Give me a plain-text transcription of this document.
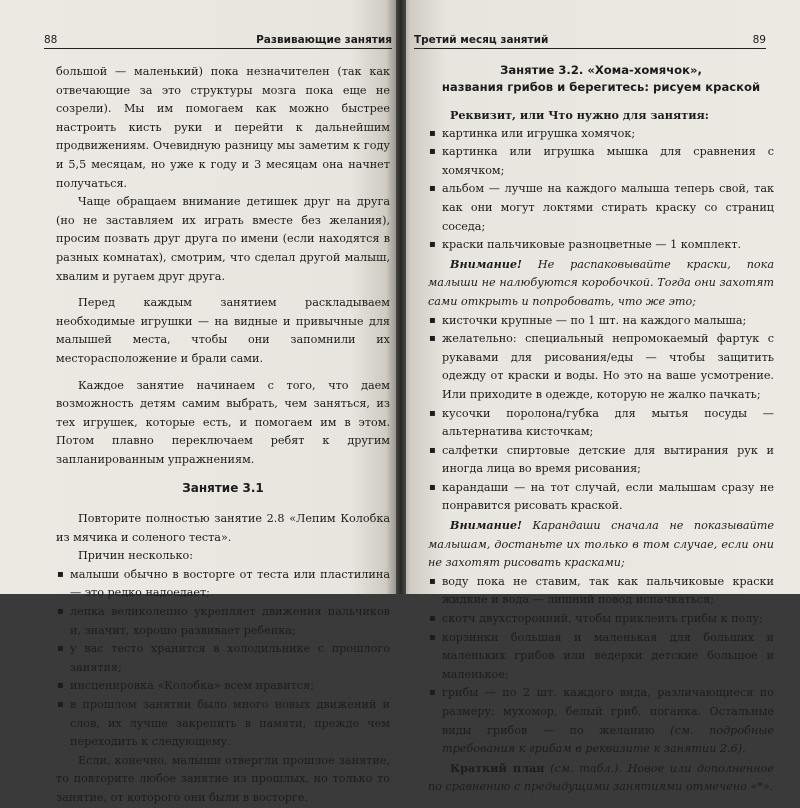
88	Развивающие занятия

большой — маленький) пока незначителен (так как отвечающие за это структуры мозга пока еще не созрели). Мы им помогаем как можно быстрее настроить кисть руки и перейти к дальнейшим продвижениям. Очевидную разницу мы заметим к году и 5,5 месяцам, но уже к году и 3 месяцам она начнет получаться.

Чаще обращаем внимание детишек друг на друга (но не заставляем их играть вместе без желания), просим позвать друг друга по имени (если находятся в разных комнатах), смотрим, что сделал другой малыш, хвалим и ругаем друг друга.

Перед каждым занятием раскладываем необходимые игрушки — на видные и привычные для малышей места, чтобы они запомнили их месторасположение и брали сами.

Каждое занятие начинаем с того, что даем возможность детям самим выбрать, чем заняться, из тех игрушек, которые есть, и помогаем им в этом. Потом плавно переключаем ребят к другим запланированным упражнениям.

Занятие 3.1

Повторите полностью занятие 2.8 «Лепим Колобка из мячика и соленого теста».

Причин несколько:

▪ малыши обычно в восторге от теста или пластилина — это редко надоедает;
▪ лепка великолепно укрепляет движения пальчиков и, значит, хорошо развивает ребенка;
▪ у вас тесто хранится в холодильнике с прошлого занятия;
▪ инсценировка «Колобка» всем нравится;
▪ в прошлом занятии было много новых движений и слов, их лучше закрепить в памяти, прежде чем переходить к следующему.

Если, конечно, малыши отвергли прошлое занятие, то повторите любое занятие из прошлых, но только то занятие, от которого они были в восторге.

Третий месяц занятий	89
Занятие 3.2. «Хома-хомячок»,
названия грибов и берегитесь: рисуем краской

Реквизит, или Что нужно для занятия:

▪ картинка или игрушка хомячок;
▪ картинка или игрушка мышка для сравнения с хомячком;
▪ альбом — лучше на каждого малыша теперь свой, так как они могут локтями стирать краску со страниц соседа;
▪ краски пальчиковые разноцветные — 1 комплект.

Внимание! Не распаковывайте краски, пока малыши не налюбуются коробочкой. Тогда они захотят сами открыть и попробовать, что же это;

▪ кисточки крупные — по 1 шт. на каждого малыша;
▪ желательно: специальный непромокаемый фартук с рукавами для рисования/еды — чтобы защитить одежду от краски и воды. Но это на ваше усмотрение. Или приходите в одежде, которую не жалко пачкать;
▪ кусочки поролона/губка для мытья посуды — альтернатива кисточкам;
▪ салфетки спиртовые детские для вытирания рук и иногда лица во время рисования;
▪ карандаши — на тот случай, если малышам сразу не понравится рисовать краской.

Внимание! Карандаши сначала не показывайте малышам, достаньте их только в том случае, если они не захотят рисовать красками;

▪ воду пока не ставим, так как пальчиковые краски жидкие и вода — лишний повод испачкаться;
▪ скотч двухсторонний, чтобы приклеить грибы к полу;
▪ корзинки большая и маленькая для больших и маленьких грибов или ведерки детские большое и маленькое;
▪ грибы — по 2 шт. каждого вида, различающиеся по размеру: мухомор, белый гриб, поганка. Остальные виды грибов — по желанию (см. подробные требования к грибам в реквизите к занятии 2.6).

Краткий план (см. табл.). Новое или дополненное по сравнению с предыдущими занятиями отмечено «*».
